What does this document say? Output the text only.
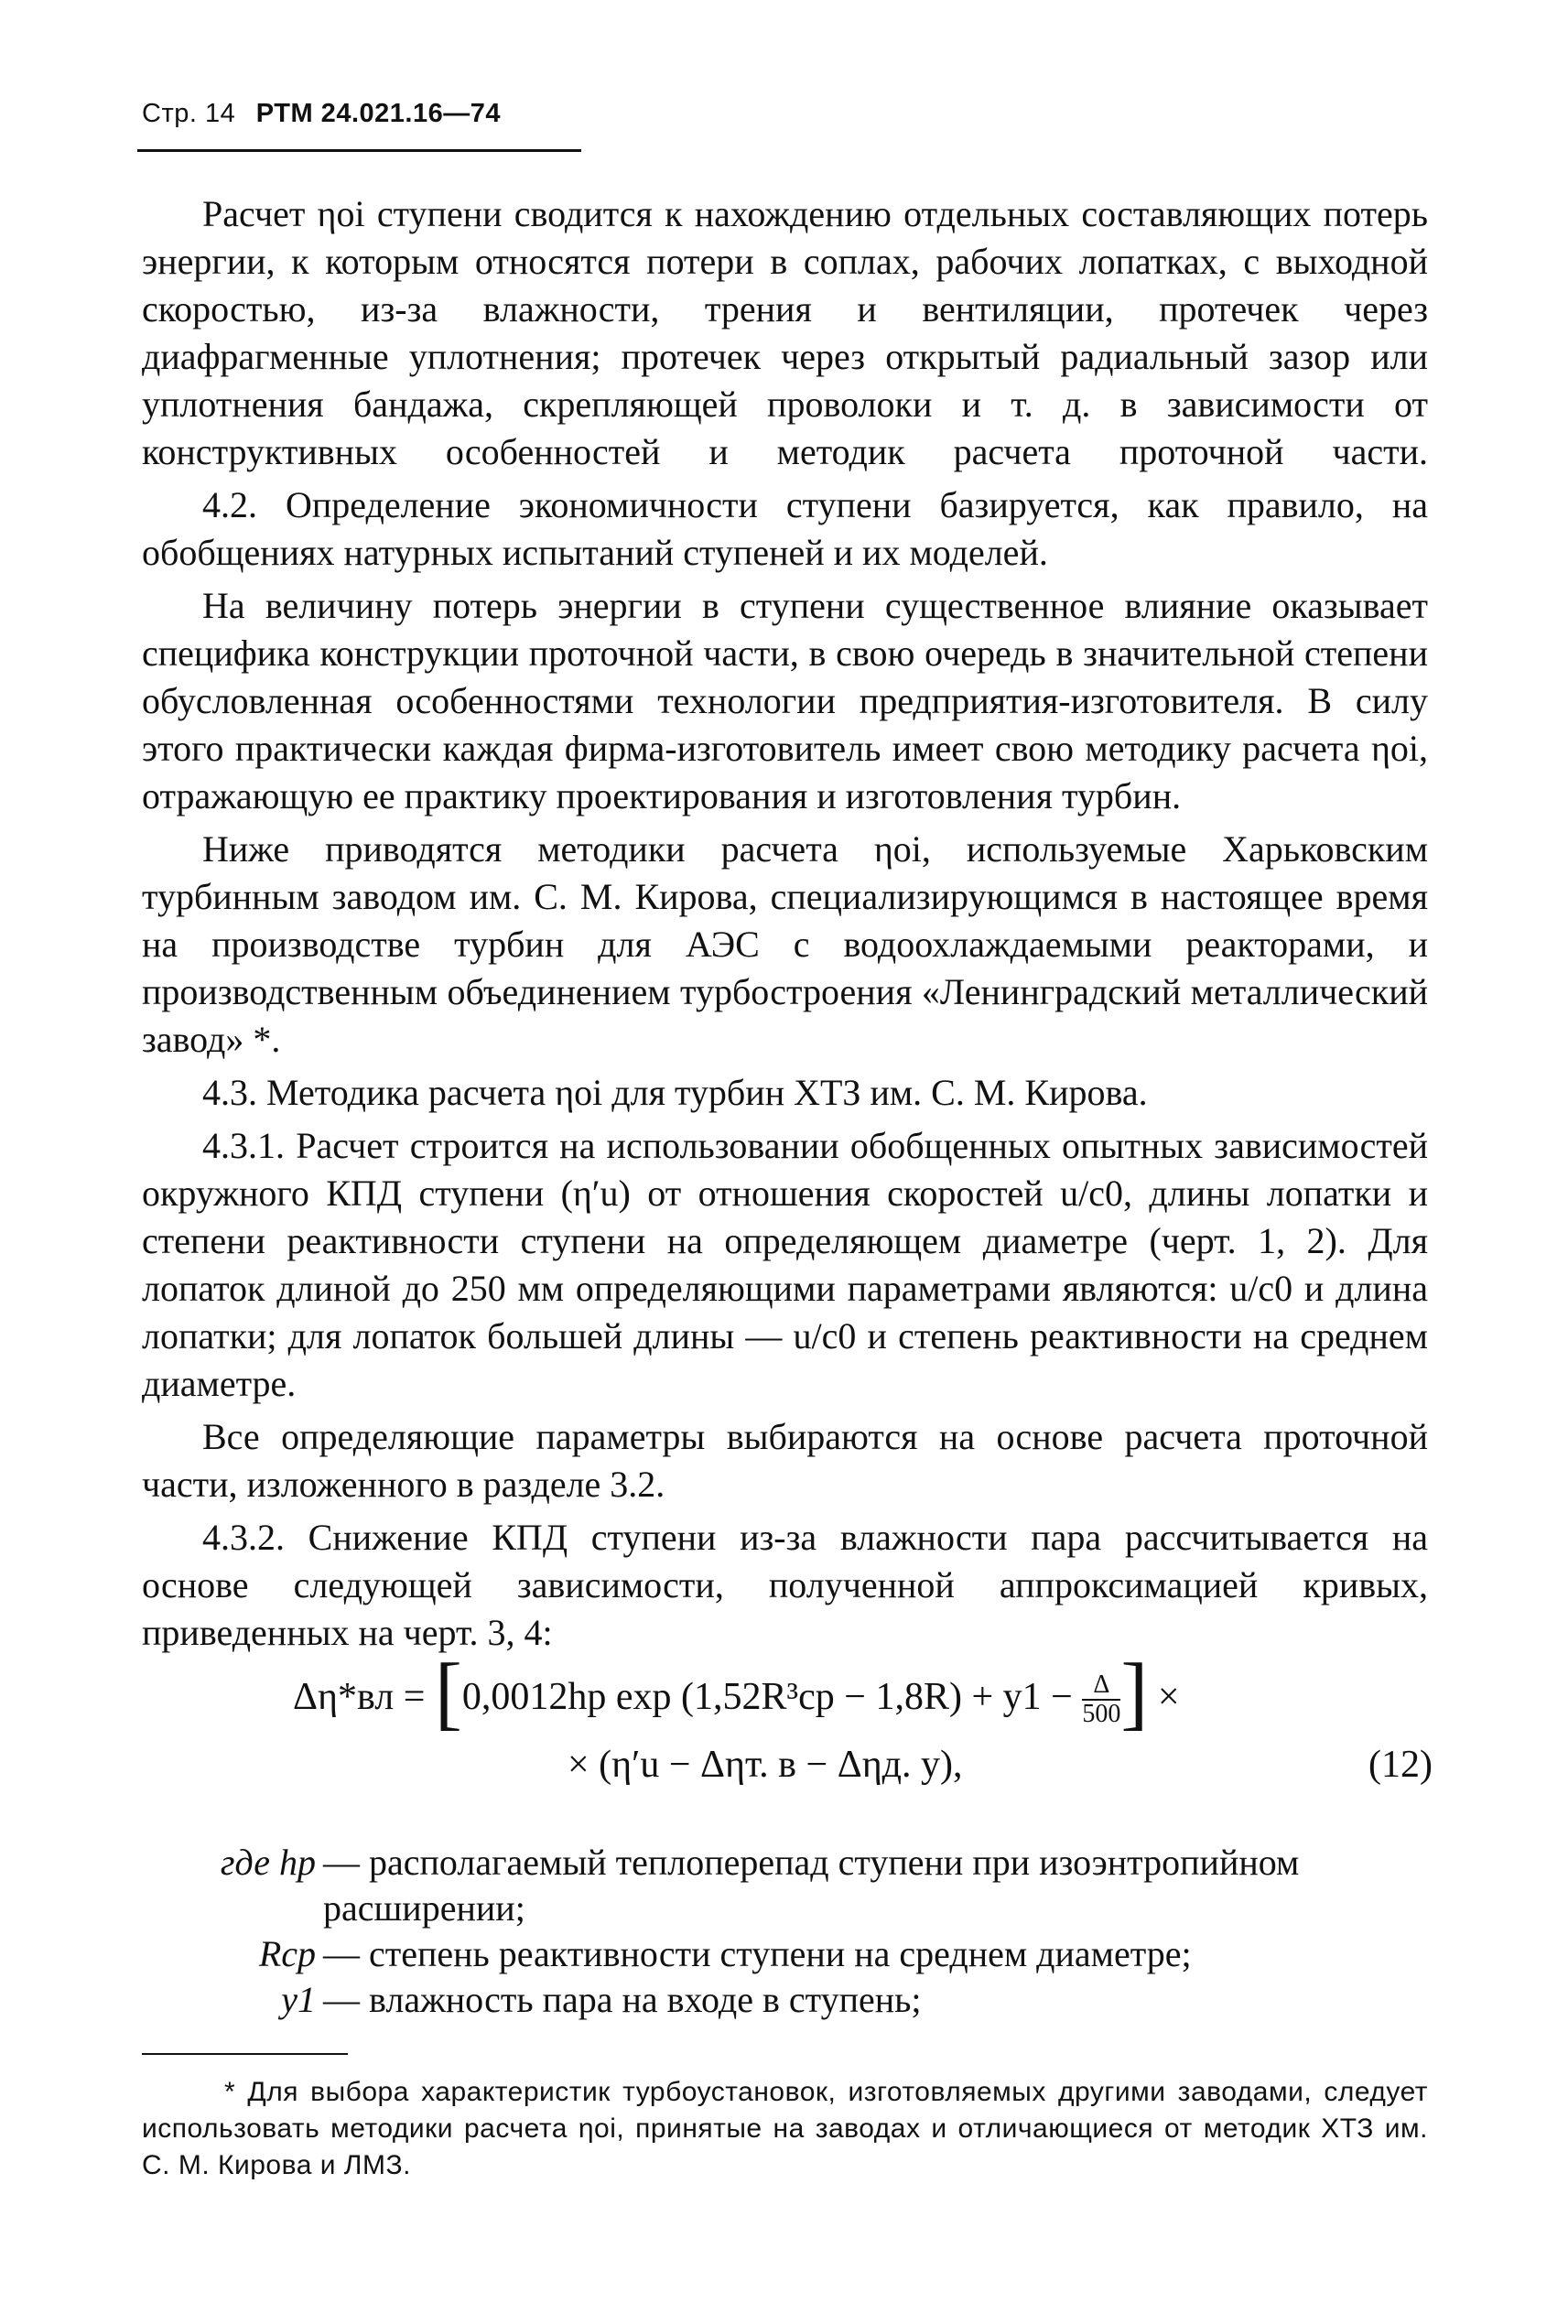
Стр. 14 РТМ 24.021.16—74

Расчет ηoi ступени сводится к нахождению отдельных составляющих потерь энергии, к которым относятся потери в соплах, рабочих лопатках, с выходной скоростью, из-за влажности, трения и вентиляции, протечек через диафрагменные уплотнения; протечек через открытый радиальный зазор или уплотнения бандажа, скрепляющей проволоки и т. д. в зависимости от конструктивных особенностей и методик расчета проточной части.

4.2. Определение экономичности ступени базируется, как правило, на обобщениях натурных испытаний ступеней и их моделей.

На величину потерь энергии в ступени существенное влияние оказывает специфика конструкции проточной части, в свою очередь в значительной степени обусловленная особенностями технологии предприятия-изготовителя. В силу этого практически каждая фирма-изготовитель имеет свою методику расчета ηoi, отражающую ее практику проектирования и изготовления турбин.

Ниже приводятся методики расчета ηoi, используемые Харьковским турбинным заводом им. С. М. Кирова, специализирующимся в настоящее время на производстве турбин для АЭС с водоохлаждаемыми реакторами, и производственным объединением турбостроения «Ленинградский металлический завод» *.

4.3. Методика расчета ηoi для турбин ХТЗ им. С. М. Кирова.

4.3.1. Расчет строится на использовании обобщенных опытных зависимостей окружного КПД ступени (η′u) от отношения скоростей u/c0, длины лопатки и степени реактивности ступени на определяющем диаметре (черт. 1, 2). Для лопаток длиной до 250 мм определяющими параметрами являются: u/c0 и длина лопатки; для лопаток большей длины — u/c0 и степень реактивности на среднем диаметре.

Все определяющие параметры выбираются на основе расчета проточной части, изложенного в разделе 3.2.

4.3.2. Снижение КПД ступени из-за влажности пара рассчитывается на основе следующей зависимости, полученной аппроксимацией кривых, приведенных на черт. 3, 4:

Δη*вл = [0,0012hр $\exp (1,52R^3ср - 1,8R) + y1 - \frac{\Delta}{500}$ ] ×
× (η′u − Δηт. в − Δηд. у),	(12)
где hр — располагаемый теплоперепад ступени при изоэнтропийном расширении;
Rср — степень реактивности ступени на среднем диаметре;
y1 — влажность пара на входе в ступень;

* Для выбора характеристик турбоустановок, изготовляемых другими заводами, следует использовать методики расчета ηoi, принятые на заводах и отличающиеся от методик ХТЗ им. С. М. Кирова и ЛМЗ.
